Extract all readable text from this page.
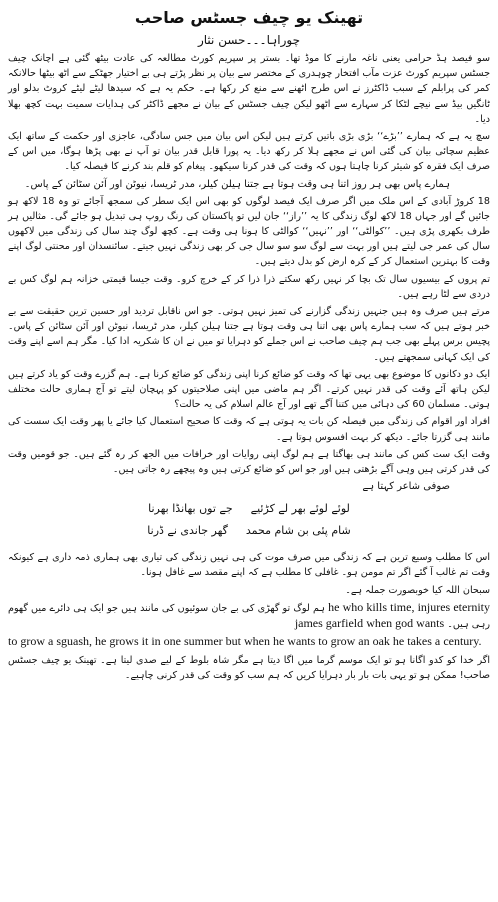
تھینک یو چیف جسٹس صاحب
چوراہا۔۔۔حسن نثار

سو فیصد ہڈ حرامی یعنی ناغہ مارنے کا موڈ تھا۔ بستر پر سپریم کورٹ مطالعہ کی عادت بیٹھ گئی ہے اچانک چیف جسٹس سپریم کورٹ عزت مآب افتخار چوہدری کے مختصر سے بیان پر نظر پڑتے ہی بے اختیار جھٹکے سے اٹھ بیٹھا حالانکہ کمر کی پرابلم کے سبب ڈاکٹرز نے اس طرح اٹھنے سے منع کر رکھا ہے۔ حکم یہ ہے کہ سیدھا لیٹے لیٹے کروٹ بدلو اور ٹانگیں بیڈ سے نیچے لٹکا کر سہارے سے اٹھو لیکن چیف جسٹس کے بیان نے مجھے ڈاکٹر کی ہدایات سمیت بہت کچھ بھلا دیا۔

سچ یہ ہے کہ ہمارے ’’بڑے‘‘ بڑی بڑی باتیں کرتے ہیں لیکن اس بیان میں جس سادگی، عاجزی اور حکمت کے ساتھ ایک عظیم سچائی بیان کی گئی اس نے مجھے ہلا کر رکھ دیا۔ یہ پورا قابل قدر بیان تو آپ نے بھی پڑھا ہوگا، میں اس کے صرف ایک فقرہ کو شیئر کرنا چاہتا ہوں کہ وقت کی قدر کرنا سیکھو۔ پیغام کو قلم بند کرنے کا فیصلہ کیا۔

ہمارے پاس بھی ہر روز اتنا ہی وقت ہوتا ہے جتنا ہیلن کیلر، مدر ٹریسا، نیوٹن اور آئن سٹائن کے پاس۔

18 کروڑ آبادی کے اس ملک میں اگر صرف ایک فیصد لوگوں کو بھی اس ایک سطر کی سمجھ آجائے تو وہ 18 لاکھ ہو جائیں گے اور جہاں 18 لاکھ لوگ زندگی کا یہ ’’راز‘‘ جان لیں تو پاکستان کی رنگ روپ ہی تبدیل ہو جائے گی۔ مثالیں ہر طرف بکھری پڑی ہیں۔ ’’کوالٹی‘‘ اور ’’نہیں‘‘ کوالٹی کا ہونا ہی وقت ہے۔ کچھ لوگ چند سال کی زندگی میں لاکھوں سال کی عمر جی لیتے ہیں اور بہت سے لوگ سو سو سال جی کر بھی زندگی نہیں جیتے۔ سائنسدان اور محنتی لوگ اپنے وقت کا بہترین استعمال کر کے کرہ ارض کو بدل دیتے ہیں۔

تم پروں کے بیسیوں سال تک بچا کر نہیں رکھ سکتے ذرا ذرا کر کے خرچ کرو۔ وقت جیسا قیمتی خزانہ ہم لوگ کس بے دردی سے لٹا رہے ہیں۔

مرتے ہیں صرف وہ ہیں جنہیں زندگی گزارنے کی تمیز نہیں ہوتی۔ جو اس ناقابل تردید اور حسین ترین حقیقت سے بے خبر ہوتے ہیں کہ سب ہمارے پاس بھی اتنا ہی وقت ہوتا ہے جتنا ہیلن کیلر، مدر ٹریسا، نیوٹن اور آئن سٹائن کے پاس۔ پچیس برس پہلے بھی جب ہم چیف صاحب نے اس جملے کو دہرایا تو میں نے ان کا شکریہ ادا کیا۔ مگر ہم اسے اپنے وقت کی ایک کہانی سمجھتے ہیں۔

ایک دو دکانوں کا موضوع بھی یہی تھا کہ وقت کو ضائع کرنا اپنی زندگی کو ضائع کرنا ہے۔ ہم گزرے وقت کو یاد کرتے ہیں لیکن ہاتھ آئے وقت کی قدر نہیں کرتے۔ اگر ہم ماضی میں اپنی صلاحیتوں کو پہچان لیتے تو آج ہماری حالت مختلف ہوتی۔ مسلمان 60 کی دہائی میں کتنا آگے تھے اور آج عالم اسلام کی یہ حالت؟

افراد اور اقوام کی زندگی میں فیصلہ کن بات یہ ہوتی ہے کہ وقت کا صحیح استعمال کیا جائے یا پھر وقت ایک سست کی مانند ہی گزرتا جائے۔ دیکھ کر بہت افسوس ہوتا ہے۔

وقت ایک ست کس کی مانند ہی بھاگتا ہے ہم لوگ اپنی روایات اور خرافات میں الجھ کر رہ گئے ہیں۔ جو قومیں وقت کی قدر کرتی ہیں وہی آگے بڑھتی ہیں اور جو اس کو ضائع کرتی ہیں وہ پیچھے رہ جاتی ہیں۔

صوفی شاعر کہتا ہے
لوئے لوئے بھر لے کڑئیے
جے توں بھانڈا بھرنا
شام پئی بن شام محمد
گھر جاندی نے ڈرنا

اس کا مطلب وسیع ترین ہے کہ زندگی میں صرف موت کی ہی نہیں زندگی کی تیاری بھی ہماری ذمہ داری ہے کیونکہ وقت تم غالب آ گئے اگر تم مومن ہو۔ غافلی کا مطلب ہے کہ اپنے مقصد سے غافل ہونا۔

سبحان اللہ کیا خوبصورت جملہ ہے۔

he who kills time, injures eternity ہم لوگ تو گھڑی کی بے جان سوئیوں کی مانند ہیں جو ایک ہی دائرے میں گھوم رہی ہیں۔ james garfield when god wants

to grow a sguash, he grows it in one summer but when he wants to grow an oak he takes a century.

اگر خدا کو کدو اگانا ہو تو ایک موسم گرما میں اگا دیتا ہے مگر شاہ بلوط کے لیے صدی لیتا ہے۔ تھینک یو چیف جسٹس صاحب! ممکن ہو تو یہی بات بار بار دہرایا کریں کہ ہم سب کو وقت کی قدر کرنی چاہیے۔
